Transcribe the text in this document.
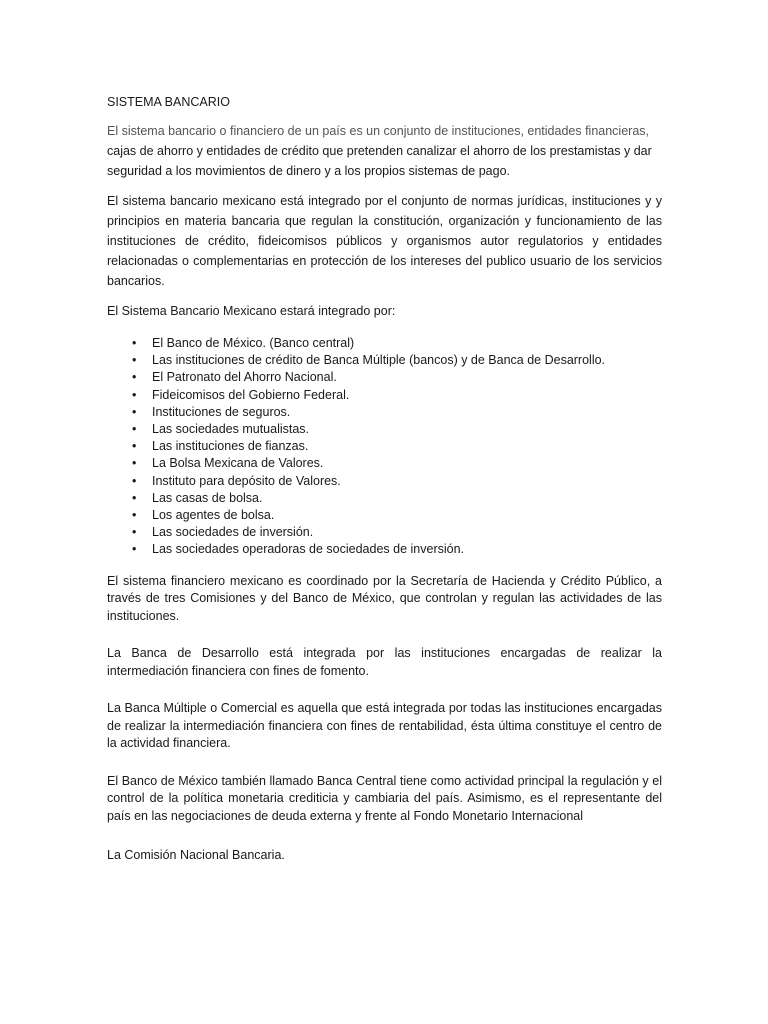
SISTEMA BANCARIO

El sistema bancario o financiero de un país es un conjunto de instituciones, entidades financieras, cajas de ahorro y entidades de crédito que pretenden canalizar el ahorro de los prestamistas y dar seguridad a los movimientos de dinero y a los propios sistemas de pago.

El sistema bancario mexicano está integrado por el conjunto de normas jurídicas, instituciones y y principios en materia bancaria que regulan la constitución, organización y funcionamiento de las instituciones de crédito, fideicomisos públicos y organismos autor regulatorios y entidades relacionadas o complementarias en protección de los intereses del publico usuario de los servicios bancarios.

El Sistema Bancario Mexicano estará integrado por:

• El Banco de México. (Banco central)
• Las instituciones de crédito de Banca Múltiple (bancos) y de Banca de Desarrollo.
• El Patronato del Ahorro Nacional.
• Fideicomisos del Gobierno Federal.
• Instituciones de seguros.
• Las sociedades mutualistas.
• Las instituciones de fianzas.
• La Bolsa Mexicana de Valores.
• Instituto para depósito de Valores.
• Las casas de bolsa.
• Los agentes de bolsa.
• Las sociedades de inversión.
• Las sociedades operadoras de sociedades de inversión.

El sistema financiero mexicano es coordinado por la Secretaría de Hacienda y Crédito Público, a través de tres Comisiones y del Banco de México, que controlan y regulan las actividades de las instituciones.

La Banca de Desarrollo está integrada por las instituciones encargadas de realizar la intermediación financiera con fines de fomento.

La Banca Múltiple o Comercial es aquella que está integrada por todas las instituciones encargadas de realizar la intermediación financiera con fines de rentabilidad, ésta última constituye el centro de la actividad financiera.

El Banco de México también llamado Banca Central tiene como actividad principal la regulación y el control de la política monetaria crediticia y cambiaria del país. Asimismo, es el representante del país en las negociaciones de deuda externa y frente al Fondo Monetario Internacional

La Comisión Nacional Bancaria.
